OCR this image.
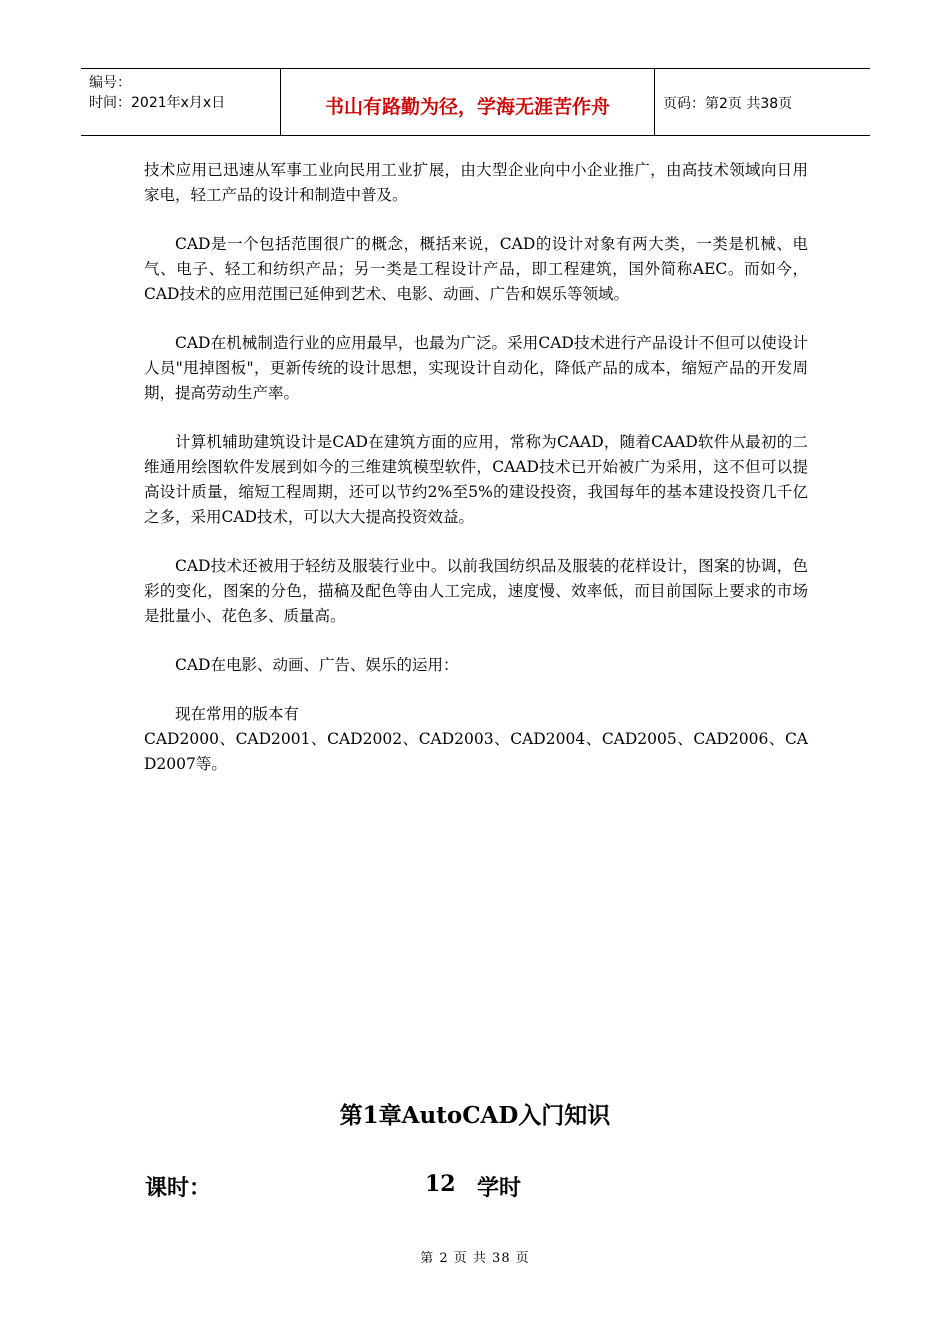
编号：
时间：2021年x月x日	书山有路勤为径，学海无涯苦作舟	页码：第2页 共38页

技术应用已迅速从军事工业向民用工业扩展，由大型企业向中小企业推广，由高技术领域向日用家电，轻工产品的设计和制造中普及。

CAD是一个包括范围很广的概念，概括来说，CAD的设计对象有两大类，一类是机械、电气、电子、轻工和纺织产品；另一类是工程设计产品，即工程建筑，国外简称AEC。而如今，CAD技术的应用范围已延伸到艺术、电影、动画、广告和娱乐等领域。

CAD在机械制造行业的应用最早，也最为广泛。采用CAD技术进行产品设计不但可以使设计人员"甩掉图板"，更新传统的设计思想，实现设计自动化，降低产品的成本，缩短产品的开发周期，提高劳动生产率。

计算机辅助建筑设计是CAD在建筑方面的应用，常称为CAAD，随着CAAD软件从最初的二维通用绘图软件发展到如今的三维建筑模型软件，CAAD技术已开始被广为采用，这不但可以提高设计质量，缩短工程周期，还可以节约2%至5%的建设投资，我国每年的基本建设投资几千亿之多，采用CAD技术，可以大大提高投资效益。

CAD技术还被用于轻纺及服装行业中。以前我国纺织品及服装的花样设计，图案的协调，色彩的变化，图案的分色，描稿及配色等由人工完成，速度慢、效率低，而目前国际上要求的市场是批量小、花色多、质量高。

CAD在电影、动画、广告、娱乐的运用：

现在常用的版本有
CAD2000、CAD2001、CAD2002、CAD2003、CAD2004、CAD2005、CAD2006、CAD2007等。

第1章AutoCAD入门知识
课时：	12 学时
第 2 页 共 38 页
